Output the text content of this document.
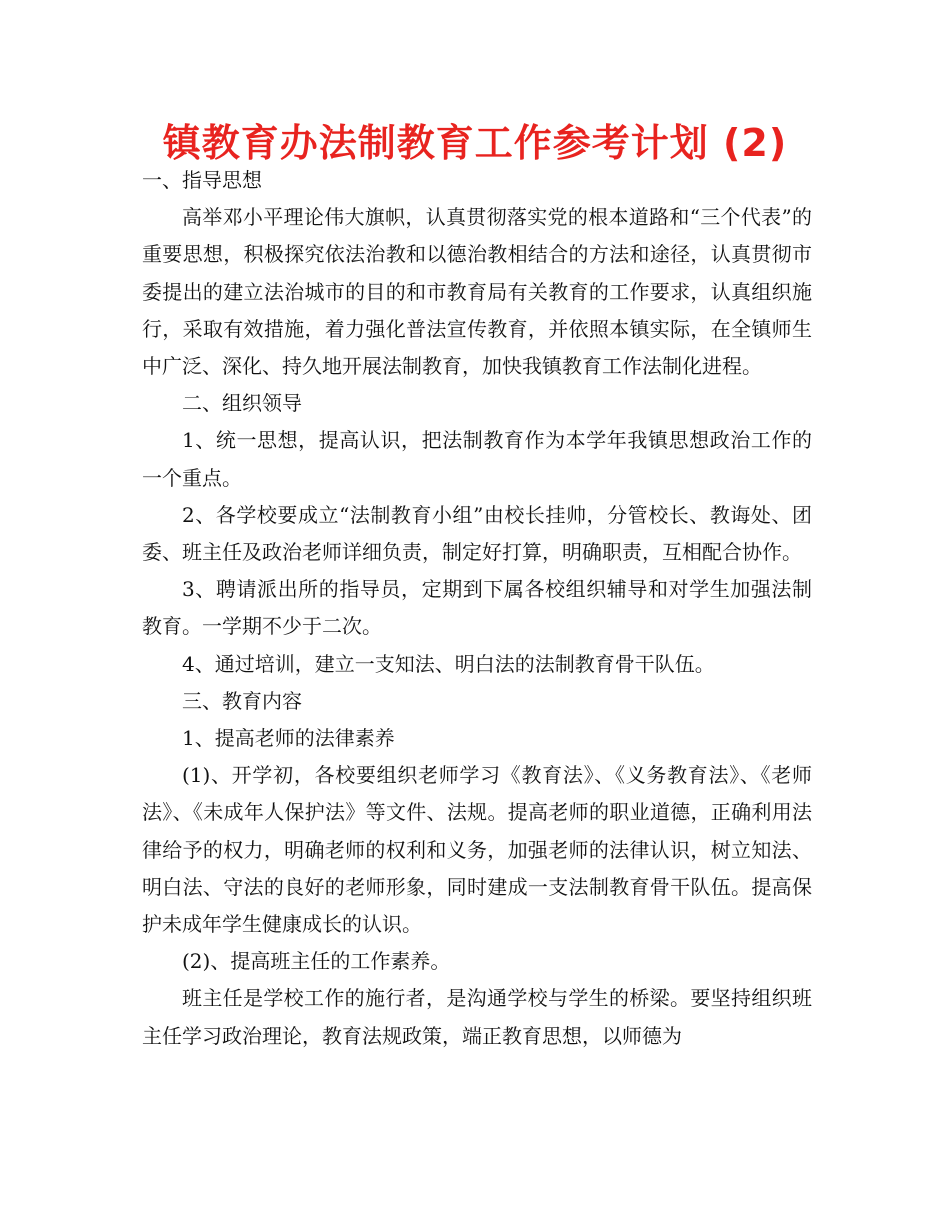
镇教育办法制教育工作参考计划 (2)

一、指导思想

高举邓小平理论伟大旗帜，认真贯彻落实党的根本道路和“三个代表”的重要思想，积极探究依法治教和以德治教相结合的方法和途径，认真贯彻市委提出的建立法治城市的目的和市教育局有关教育的工作要求，认真组织施行，采取有效措施，着力强化普法宣传教育，并依照本镇实际，在全镇师生中广泛、深化、持久地开展法制教育，加快我镇教育工作法制化进程。

二、组织领导

1、统一思想，提高认识，把法制教育作为本学年我镇思想政治工作的一个重点。

2、各学校要成立“法制教育小组”由校长挂帅，分管校长、教诲处、团委、班主任及政治老师详细负责，制定好打算，明确职责，互相配合协作。

3、聘请派出所的指导员，定期到下属各校组织辅导和对学生加强法制教育。一学期不少于二次。

4、通过培训，建立一支知法、明白法的法制教育骨干队伍。

三、教育内容

1、提高老师的法律素养

(1)、开学初，各校要组织老师学习《教育法》、《义务教育法》、《老师法》、《未成年人保护法》等文件、法规。提高老师的职业道德，正确利用法律给予的权力，明确老师的权利和义务，加强老师的法律认识，树立知法、明白法、守法的良好的老师形象，同时建成一支法制教育骨干队伍。提高保护未成年学生健康成长的认识。

(2)、提高班主任的工作素养。

班主任是学校工作的施行者，是沟通学校与学生的桥梁。要坚持组织班主任学习政治理论，教育法规政策，端正教育思想，以师德为
